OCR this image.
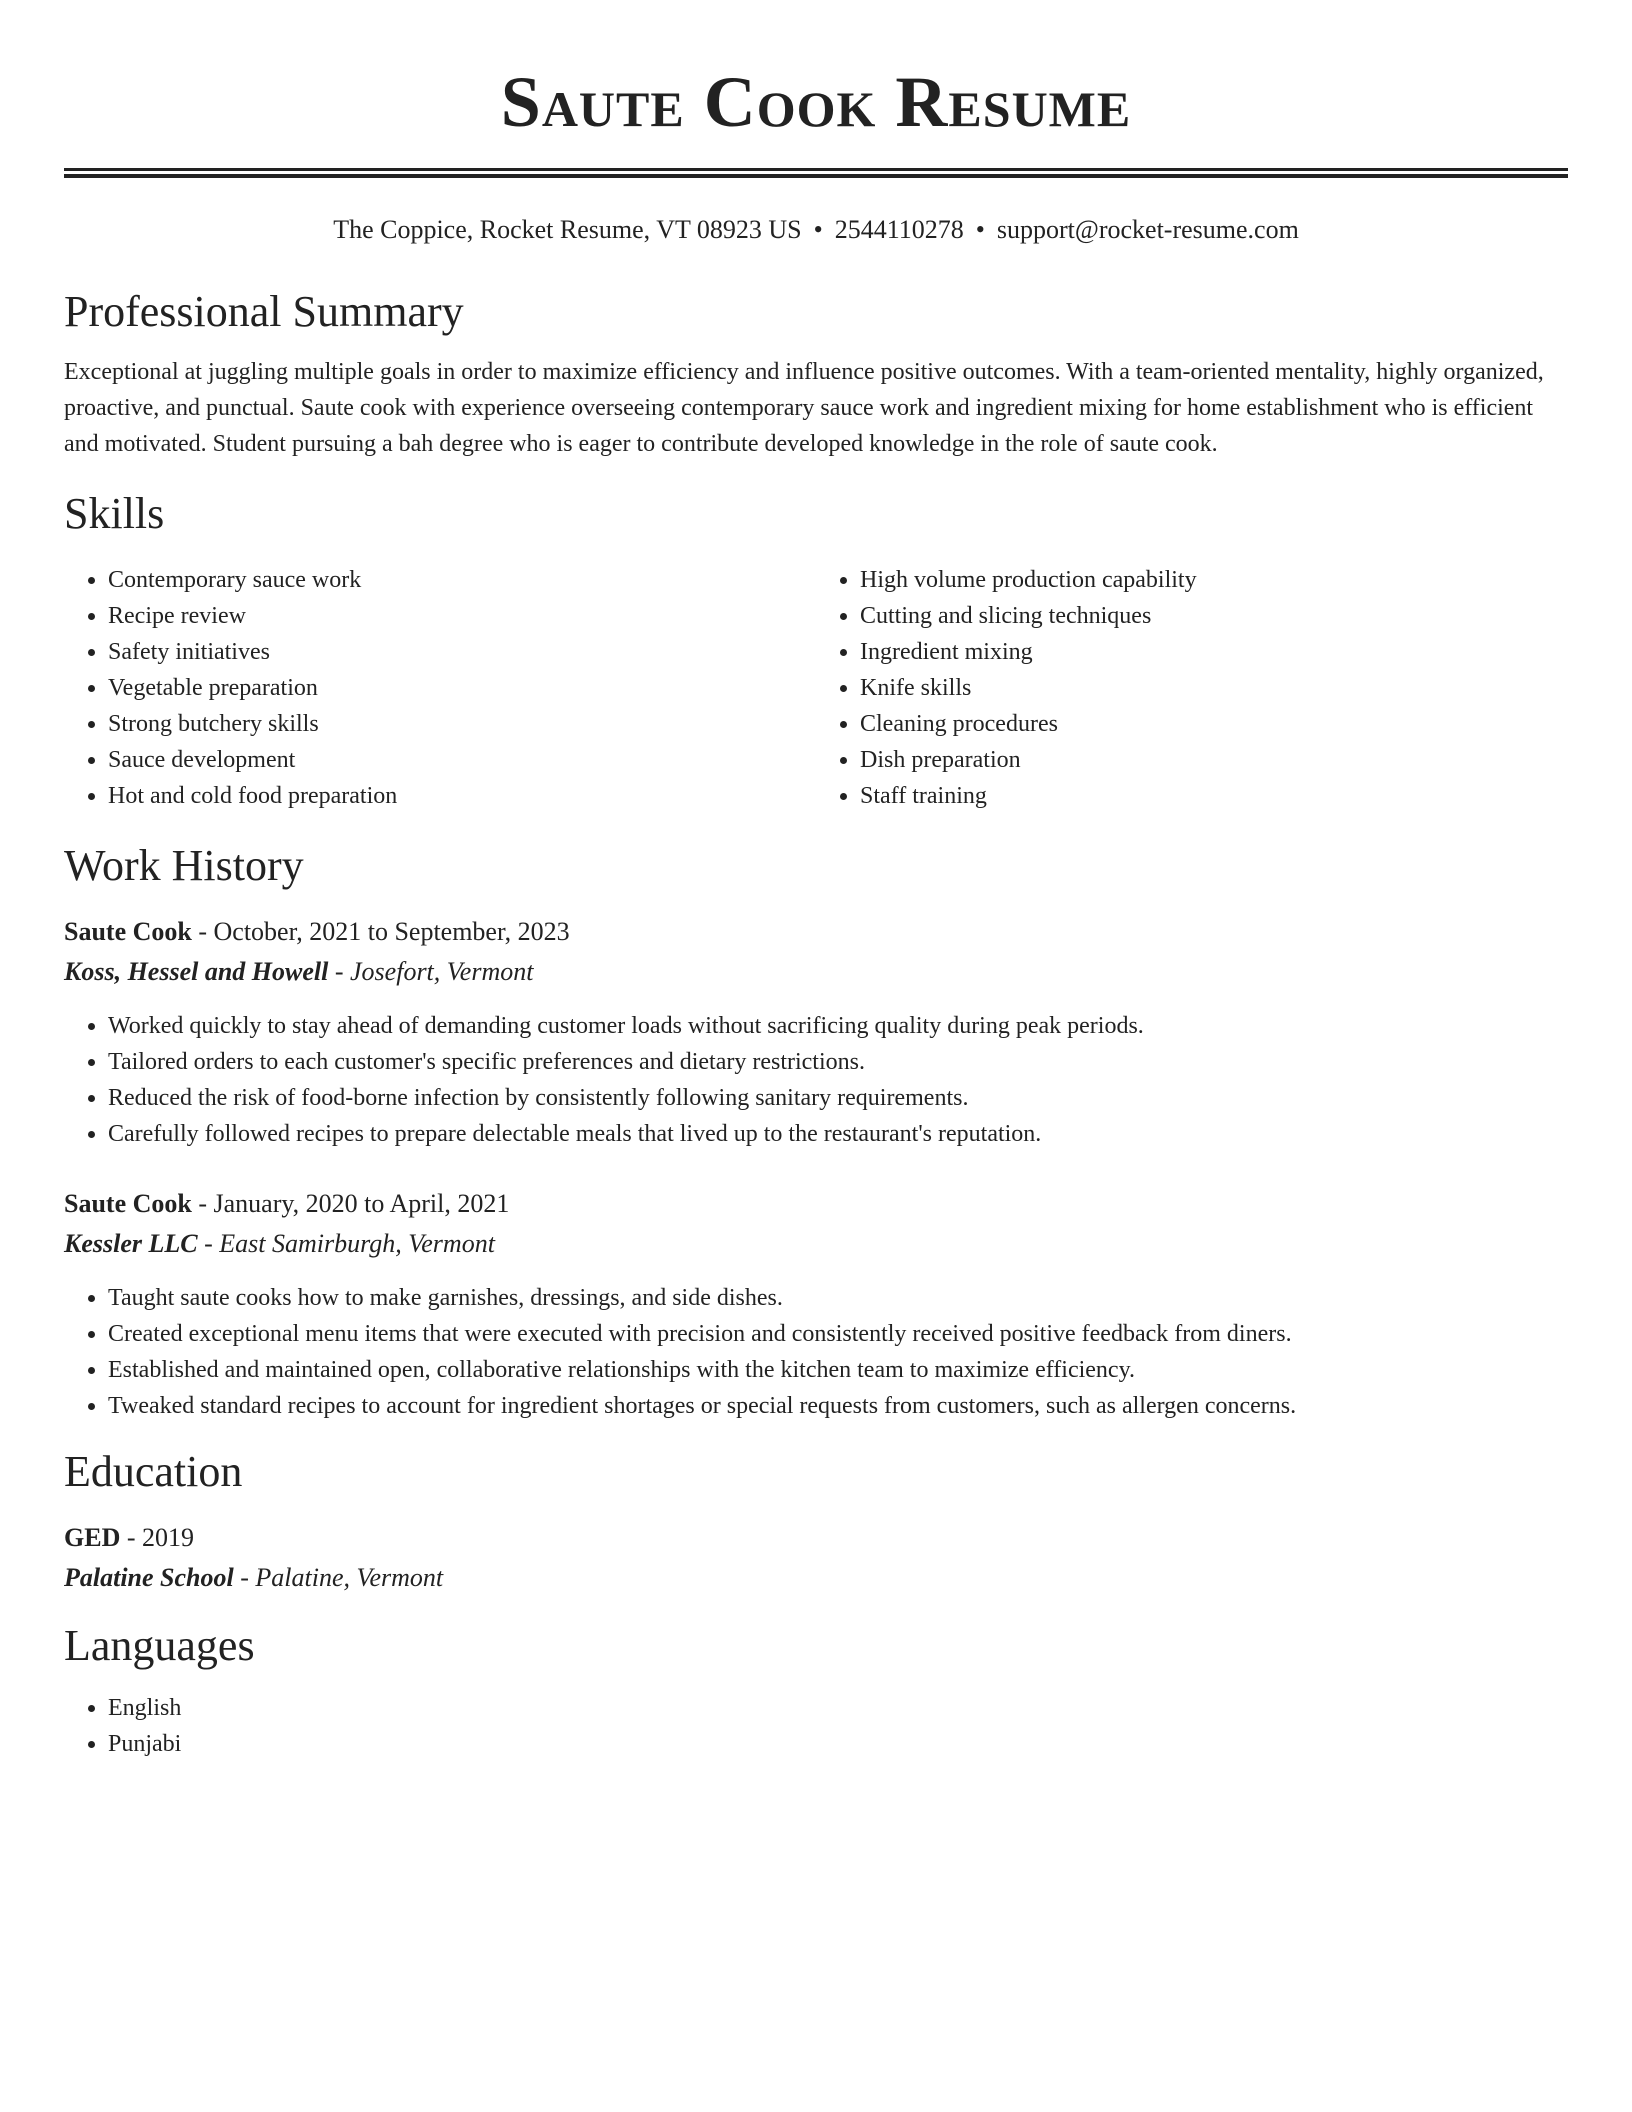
Saute Cook Resume
The Coppice, Rocket Resume, VT 08923 US • 2544110278 • support@rocket-resume.com
Professional Summary

Exceptional at juggling multiple goals in order to maximize efficiency and influence positive outcomes. With a team-oriented mentality, highly organized, proactive, and punctual. Saute cook with experience overseeing contemporary sauce work and ingredient mixing for home establishment who is efficient and motivated. Student pursuing a bah degree who is eager to contribute developed knowledge in the role of saute cook.

Skills
• Contemporary sauce work
• Recipe review
• Safety initiatives
• Vegetable preparation
• Strong butchery skills
• Sauce development
• Hot and cold food preparation
• High volume production capability
• Cutting and slicing techniques
• Ingredient mixing
• Knife skills
• Cleaning procedures
• Dish preparation
• Staff training
Work History
Saute Cook - October, 2021 to September, 2023
Koss, Hessel and Howell - Josefort, Vermont
• Worked quickly to stay ahead of demanding customer loads without sacrificing quality during peak periods.
• Tailored orders to each customer's specific preferences and dietary restrictions.
• Reduced the risk of food-borne infection by consistently following sanitary requirements.
• Carefully followed recipes to prepare delectable meals that lived up to the restaurant's reputation.
Saute Cook - January, 2020 to April, 2021
Kessler LLC - East Samirburgh, Vermont
• Taught saute cooks how to make garnishes, dressings, and side dishes.
• Created exceptional menu items that were executed with precision and consistently received positive feedback from diners.
• Established and maintained open, collaborative relationships with the kitchen team to maximize efficiency.
• Tweaked standard recipes to account for ingredient shortages or special requests from customers, such as allergen concerns.
Education
GED - 2019
Palatine School - Palatine, Vermont
Languages
• English
• Punjabi
